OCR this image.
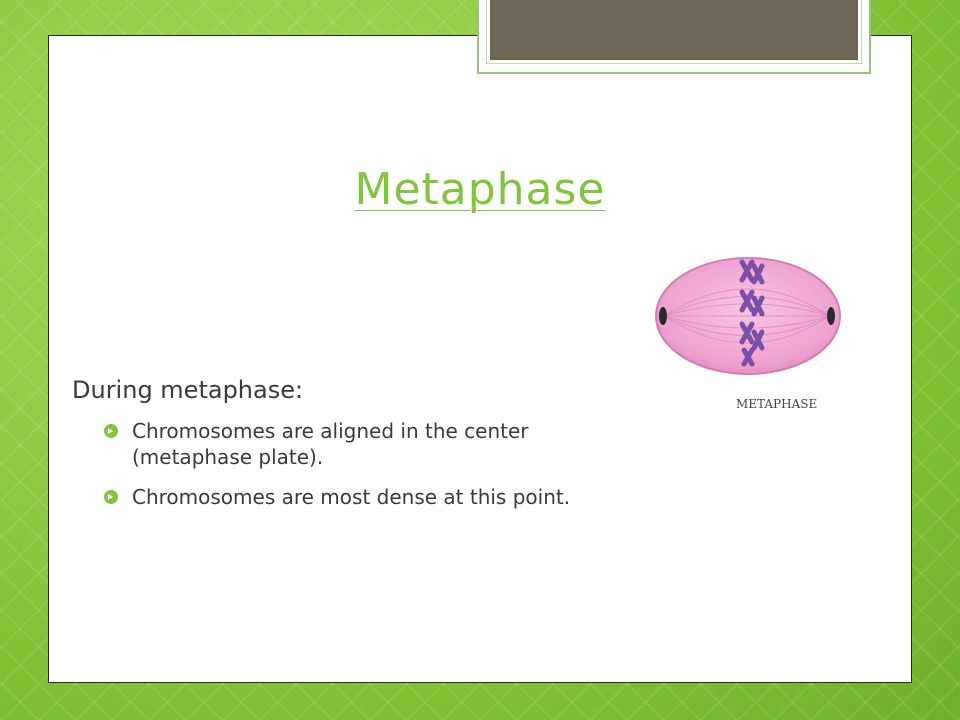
Metaphase
METAPHASE
During metaphase:
Chromosomes are aligned in the center
(metaphase plate).
Chromosomes are most dense at this point.
